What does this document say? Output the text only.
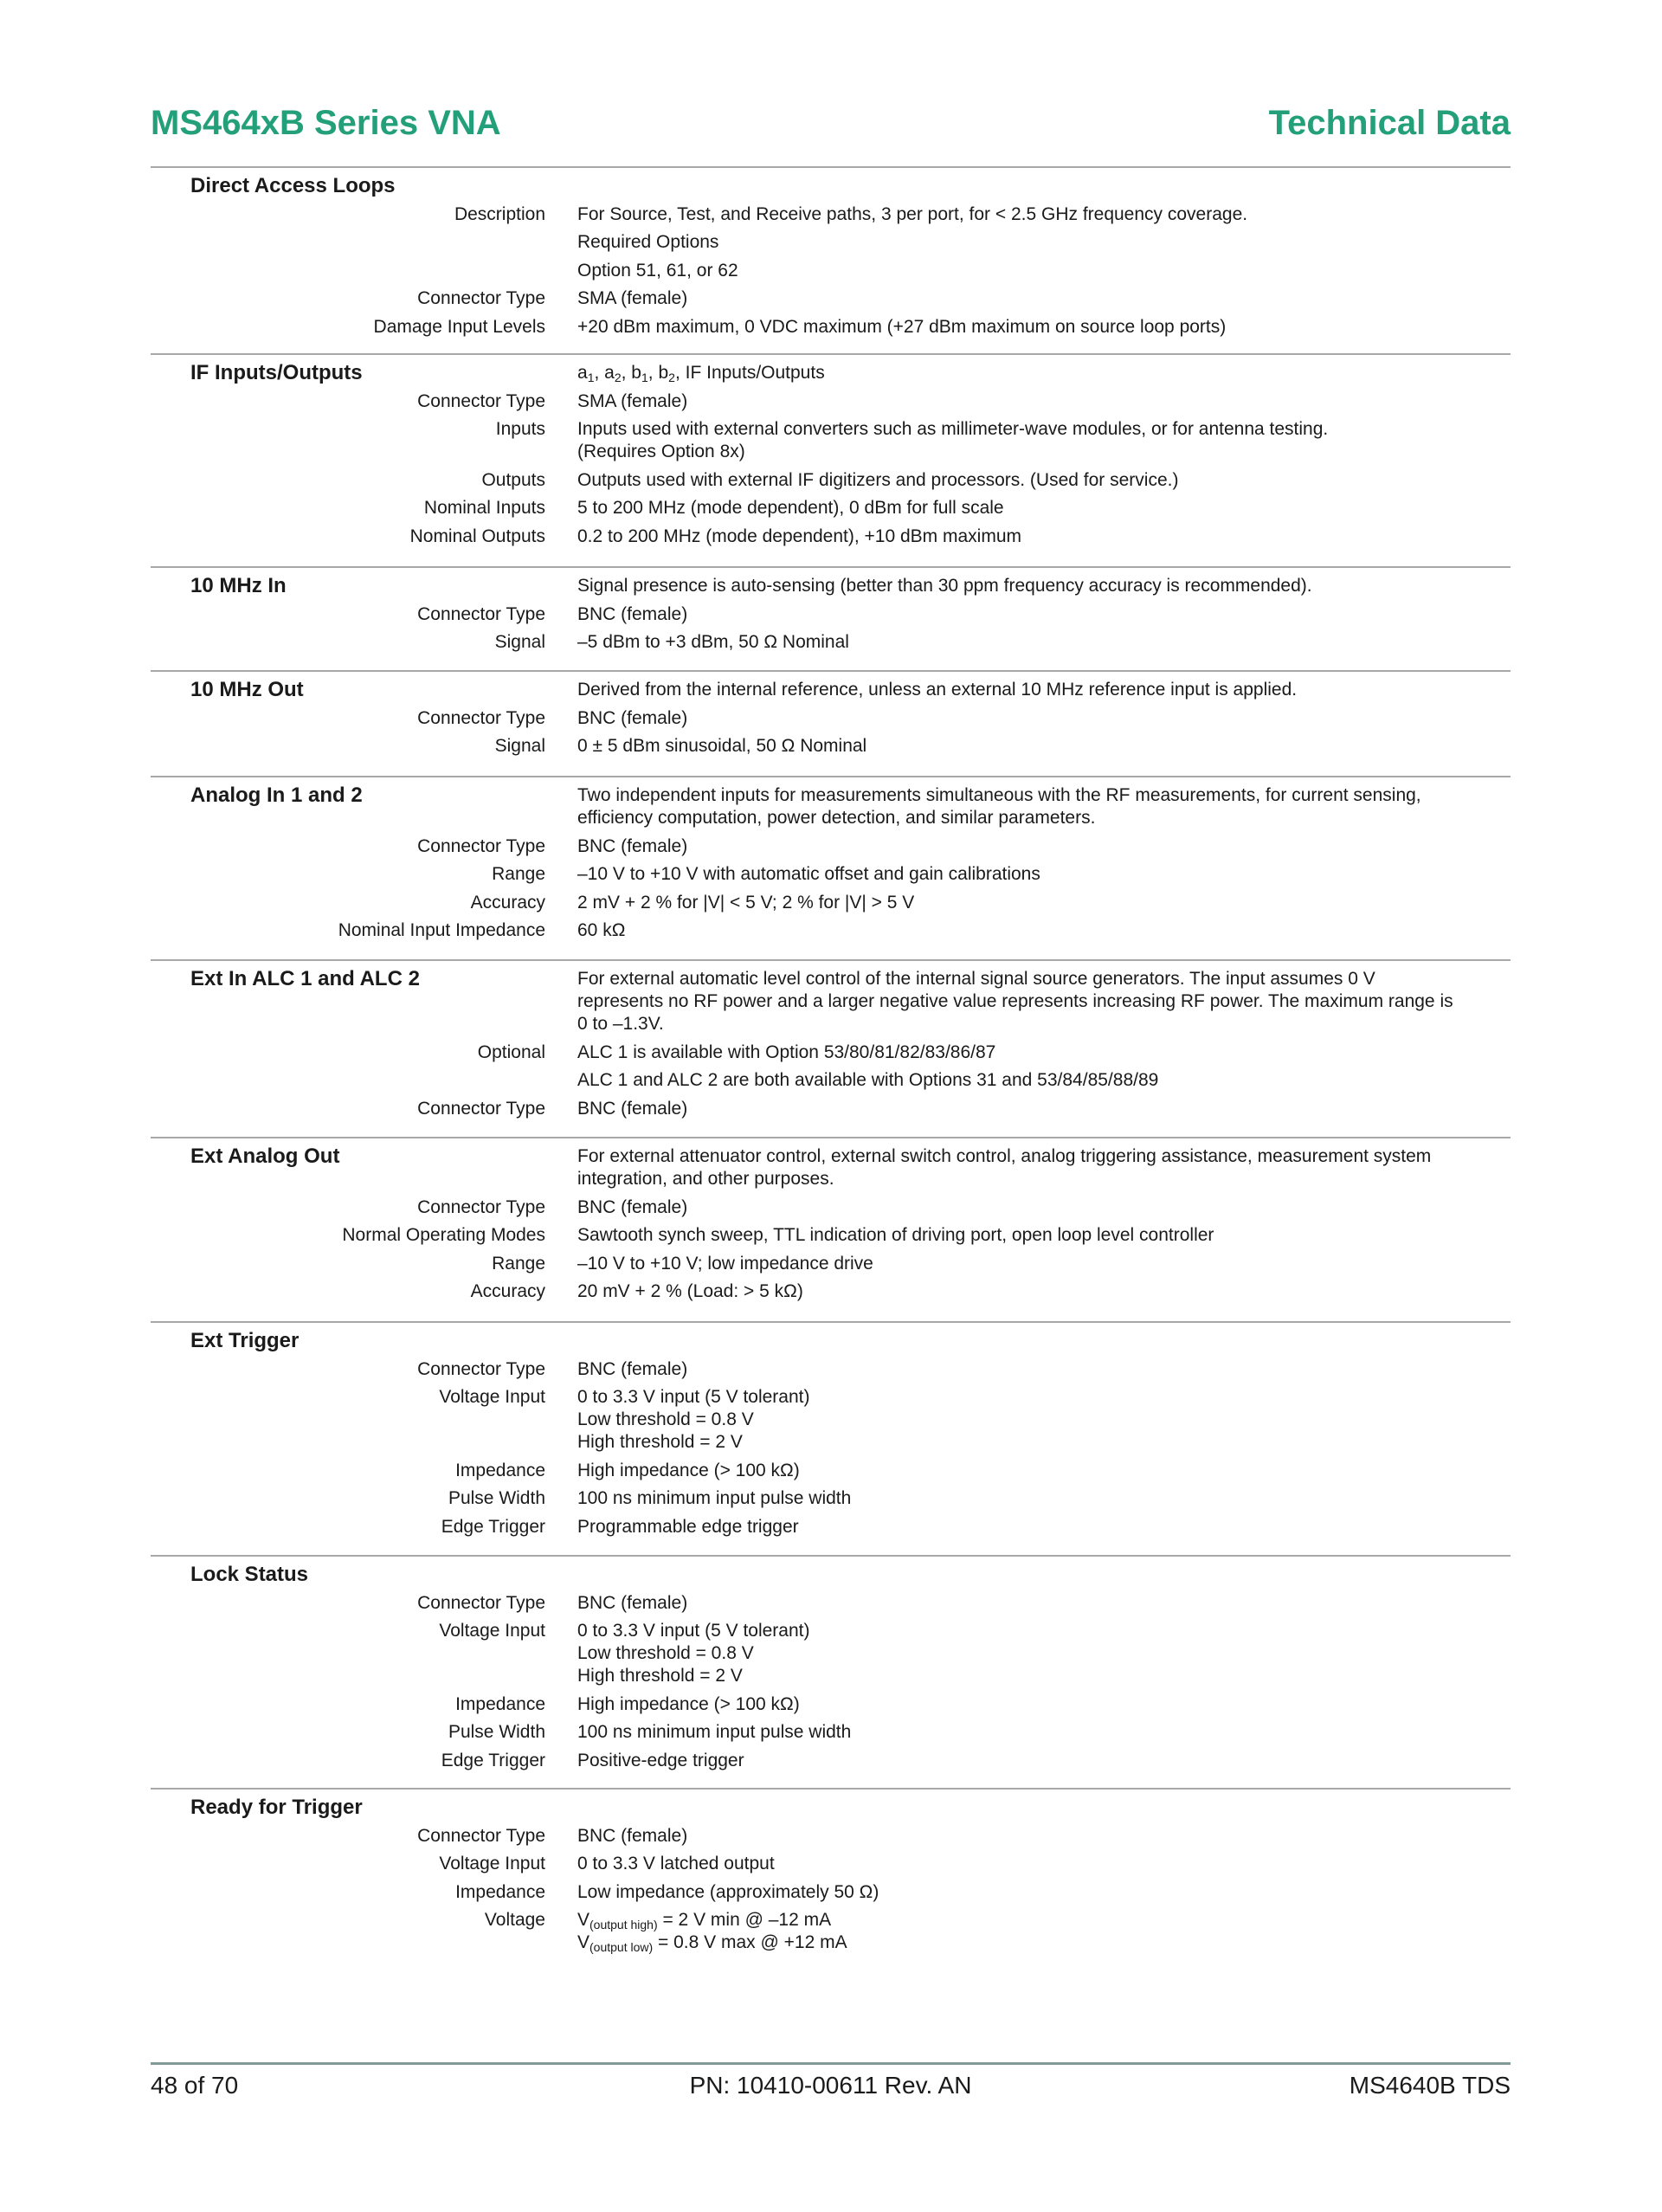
MS464xB Series VNA	Technical Data
Direct Access Loops
Description For Source, Test, and Receive paths, 3 per port, for < 2.5 GHz frequency coverage.
Required Options
Option 51, 61, or 62
Connector Type SMA (female)
Damage Input Levels +20 dBm maximum, 0 VDC maximum (+27 dBm maximum on source loop ports)
IF Inputs/Outputs	$a_1$, $a_2$, $b_1$, $b_2$, IF Inputs/Outputs
Connector Type SMA (female)
Inputs Inputs used with external converters such as millimeter-wave modules, or for antenna testing.
(Requires Option 8x)
Outputs Outputs used with external IF digitizers and processors. (Used for service.)
Nominal Inputs 5 to 200 MHz (mode dependent), 0 dBm for full scale
Nominal Outputs 0.2 to 200 MHz (mode dependent), +10 dBm maximum
10 MHz In	Signal presence is auto-sensing (better than 30 ppm frequency accuracy is recommended).
Connector Type BNC (female)
Signal –5 dBm to +3 dBm, 50 Ω Nominal
10 MHz Out	Derived from the internal reference, unless an external 10 MHz reference input is applied.
Connector Type BNC (female)
Signal 0 ± 5 dBm sinusoidal, 50 Ω Nominal
Analog In 1 and 2	Two independent inputs for measurements simultaneous with the RF measurements, for current sensing,
efficiency computation, power detection, and similar parameters.
Connector Type BNC (female)
Range –10 V to +10 V with automatic offset and gain calibrations
Accuracy 2 mV + 2 % for |V| < 5 V; 2 % for |V| > 5 V
Nominal Input Impedance 60 kΩ
Ext In ALC 1 and ALC 2	For external automatic level control of the internal signal source generators. The input assumes 0 V
represents no RF power and a larger negative value represents increasing RF power. The maximum range is
0 to –1.3V.
Optional ALC 1 is available with Option 53/80/81/82/83/86/87
ALC 1 and ALC 2 are both available with Options 31 and 53/84/85/88/89
Connector Type BNC (female)
Ext Analog Out	For external attenuator control, external switch control, analog triggering assistance, measurement system
integration, and other purposes.
Connector Type BNC (female)
Normal Operating Modes Sawtooth synch sweep, TTL indication of driving port, open loop level controller
Range –10 V to +10 V; low impedance drive
Accuracy 20 mV + 2 % (Load: > 5 kΩ)
Ext Trigger
Connector Type BNC (female)
Voltage Input 0 to 3.3 V input (5 V tolerant)
Low threshold = 0.8 V
High threshold = 2 V
Impedance High impedance (> 100 kΩ)
Pulse Width 100 ns minimum input pulse width
Edge Trigger Programmable edge trigger
Lock Status
Connector Type BNC (female)
Voltage Input 0 to 3.3 V input (5 V tolerant)
Low threshold = 0.8 V
High threshold = 2 V
Impedance High impedance (> 100 kΩ)
Pulse Width 100 ns minimum input pulse width
Edge Trigger Positive-edge trigger
Ready for Trigger
Connector Type BNC (female)
Voltage Input 0 to 3.3 V latched output
Impedance Low impedance (approximately 50 Ω)
Voltage $V_{(output high)} = 2$ V min @ –12 mA
$V_{(output low)} = 0.8$ V max @ +12 mA
48 of 70	PN: 10410-00611 Rev. AN	MS4640B TDS
